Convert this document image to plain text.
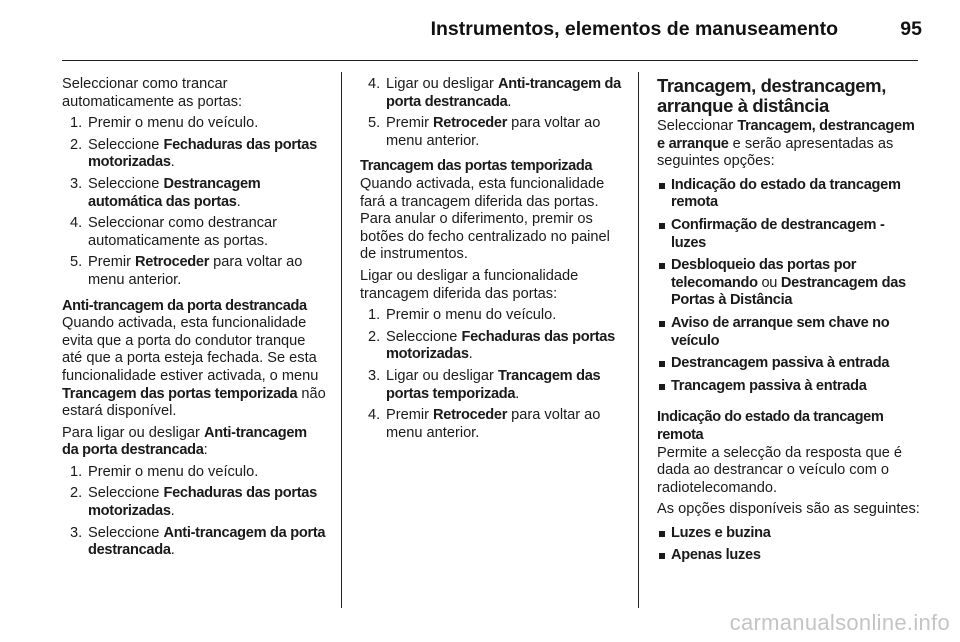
Instrumentos, elementos de manuseamento	95

Seleccionar como trancar

automaticamente as portas:

1. Premir o menu do veículo.
2. Seleccione Fechaduras das portas motorizadas.
3. Seleccione Destrancagem automática das portas.
4. Seleccionar como destrancar automaticamente as portas.
5. Premir Retroceder para voltar ao menu anterior.

Anti-trancagem da porta destrancada

Quando activada, esta funcionalidade evita que a porta do condutor tranque até que a porta esteja fechada. Se esta funcionalidade estiver activada, o menu Trancagem das portas temporizada não estará disponível.

Para ligar ou desligar Anti-trancagem da porta destrancada:

1. Premir o menu do veículo.
2. Seleccione Fechaduras das portas motorizadas.
3. Seleccione Anti-trancagem da porta destrancada.
4. Ligar ou desligar Anti-trancagem da porta destrancada.
5. Premir Retroceder para voltar ao menu anterior.

Trancagem das portas temporizada

Quando activada, esta funcionalidade fará a trancagem diferida das portas. Para anular o diferimento, premir os botões do fecho centralizado no painel de instrumentos.

Ligar ou desligar a funcionalidade trancagem diferida das portas:

1. Premir o menu do veículo.
2. Seleccione Fechaduras das portas motorizadas.
3. Ligar ou desligar Trancagem das portas temporizada.
4. Premir Retroceder para voltar ao menu anterior.
Trancagem, destrancagem, arranque à distância

Seleccionar Trancagem, destrancagem e arranque e serão apresentadas as seguintes opções:

Indicação do estado da trancagem remota
Confirmação de destrancagem - luzes
Desbloqueio das portas por telecomando ou Destrancagem das Portas à Distância
Aviso de arranque sem chave no veículo
Destrancagem passiva à entrada
Trancagem passiva à entrada

Indicação do estado da trancagem remota

Permite a selecção da resposta que é dada ao destrancar o veículo com o radiotelecomando.

As opções disponíveis são as seguintes:

Luzes e buzina
Apenas luzes
carmanualsonline.info
